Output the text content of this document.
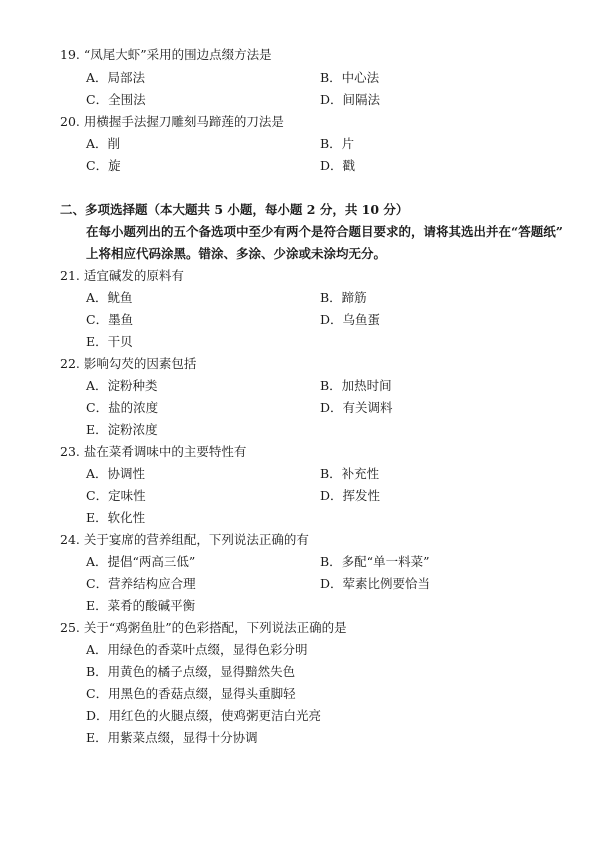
19. “凤尾大虾”采用的围边点缀方法是
A．局部法	B．中心法
C．全围法	D．间隔法
20. 用横握手法握刀雕刻马蹄莲的刀法是
A．削	B．片
C．旋	D．戳
二、多项选择题（本大题共 5 小题，每小题 2 分，共 10 分）
在每小题列出的五个备选项中至少有两个是符合题目要求的，请将其选出并在“答题纸”
上将相应代码涂黑。错涂、多涂、少涂或未涂均无分。
21. 适宜碱发的原料有
A．鱿鱼	B．蹄筋
C．墨鱼	D．乌鱼蛋
E．干贝
22. 影响勾芡的因素包括
A．淀粉种类	B．加热时间
C．盐的浓度	D．有关调料
E．淀粉浓度
23. 盐在菜肴调味中的主要特性有
A．协调性	B．补充性
C．定味性	D．挥发性
E．软化性
24. 关于宴席的营养组配，下列说法正确的有
A．提倡“两高三低”	B．多配“单一料菜”
C．营养结构应合理	D．荤素比例要恰当
E．菜肴的酸碱平衡
25. 关于“鸡粥鱼肚”的色彩搭配，下列说法正确的是
A．用绿色的香菜叶点缀，显得色彩分明
B．用黄色的橘子点缀，显得黯然失色
C．用黑色的香菇点缀，显得头重脚轻
D．用红色的火腿点缀，使鸡粥更洁白光亮
E．用紫菜点缀，显得十分协调
